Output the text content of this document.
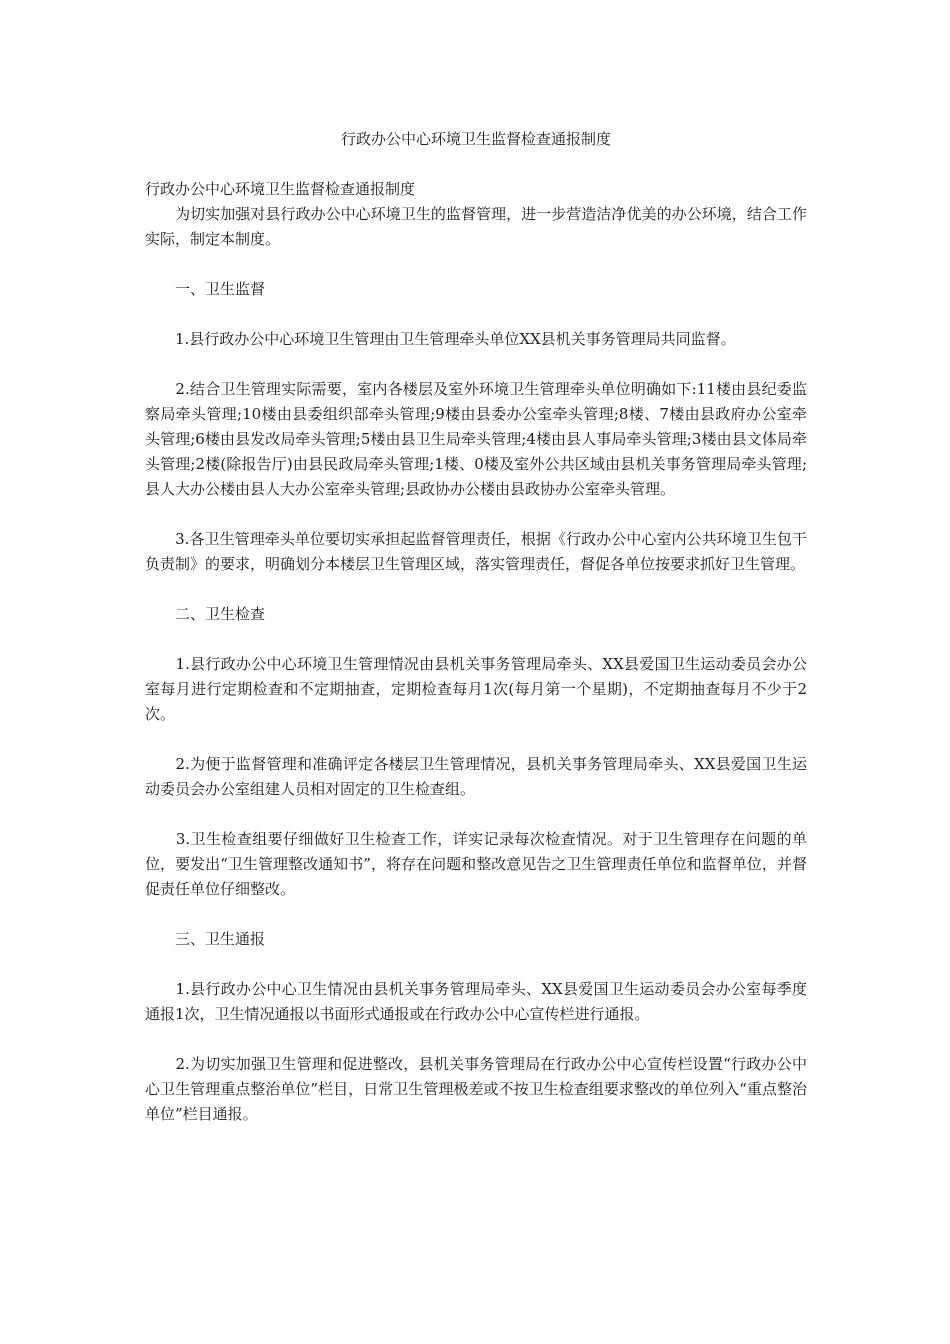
行政办公中心环境卫生监督检查通报制度

行政办公中心环境卫生监督检查通报制度

　　为切实加强对县行政办公中心环境卫生的监督管理，进一步营造洁净优美的办公环境，结合工作实际，制定本制度。

　　一、卫生监督

　　1.县行政办公中心环境卫生管理由卫生管理牵头单位XX县机关事务管理局共同监督。

　　2.结合卫生管理实际需要，室内各楼层及室外环境卫生管理牵头单位明确如下:11楼由县纪委监察局牵头管理;10楼由县委组织部牵头管理;9楼由县委办公室牵头管理;8楼、7楼由县政府办公室牵头管理;6楼由县发改局牵头管理;5楼由县卫生局牵头管理;4楼由县人事局牵头管理;3楼由县文体局牵头管理;2楼(除报告厅)由县民政局牵头管理;1楼、0楼及室外公共区域由县机关事务管理局牵头管理;县人大办公楼由县人大办公室牵头管理;县政协办公楼由县政协办公室牵头管理。

　　3.各卫生管理牵头单位要切实承担起监督管理责任，根据《行政办公中心室内公共环境卫生包干负责制》的要求，明确划分本楼层卫生管理区域，落实管理责任，督促各单位按要求抓好卫生管理。

　　二、卫生检查

　　1.县行政办公中心环境卫生管理情况由县机关事务管理局牵头、XX县爱国卫生运动委员会办公室每月进行定期检查和不定期抽查，定期检查每月1次(每月第一个星期)，不定期抽查每月不少于2次。

　　2.为便于监督管理和准确评定各楼层卫生管理情况，县机关事务管理局牵头、XX县爱国卫生运动委员会办公室组建人员相对固定的卫生检查组。

　　3.卫生检查组要仔细做好卫生检查工作，详实记录每次检查情况。对于卫生管理存在问题的单位，要发出“卫生管理整改通知书”，将存在问题和整改意见告之卫生管理责任单位和监督单位，并督促责任单位仔细整改。

　　三、卫生通报

　　1.县行政办公中心卫生情况由县机关事务管理局牵头、XX县爱国卫生运动委员会办公室每季度通报1次，卫生情况通报以书面形式通报或在行政办公中心宣传栏进行通报。

　　2.为切实加强卫生管理和促进整改，县机关事务管理局在行政办公中心宣传栏设置“行政办公中心卫生管理重点整治单位”栏目，日常卫生管理极差或不按卫生检查组要求整改的单位列入“重点整治单位”栏目通报。
